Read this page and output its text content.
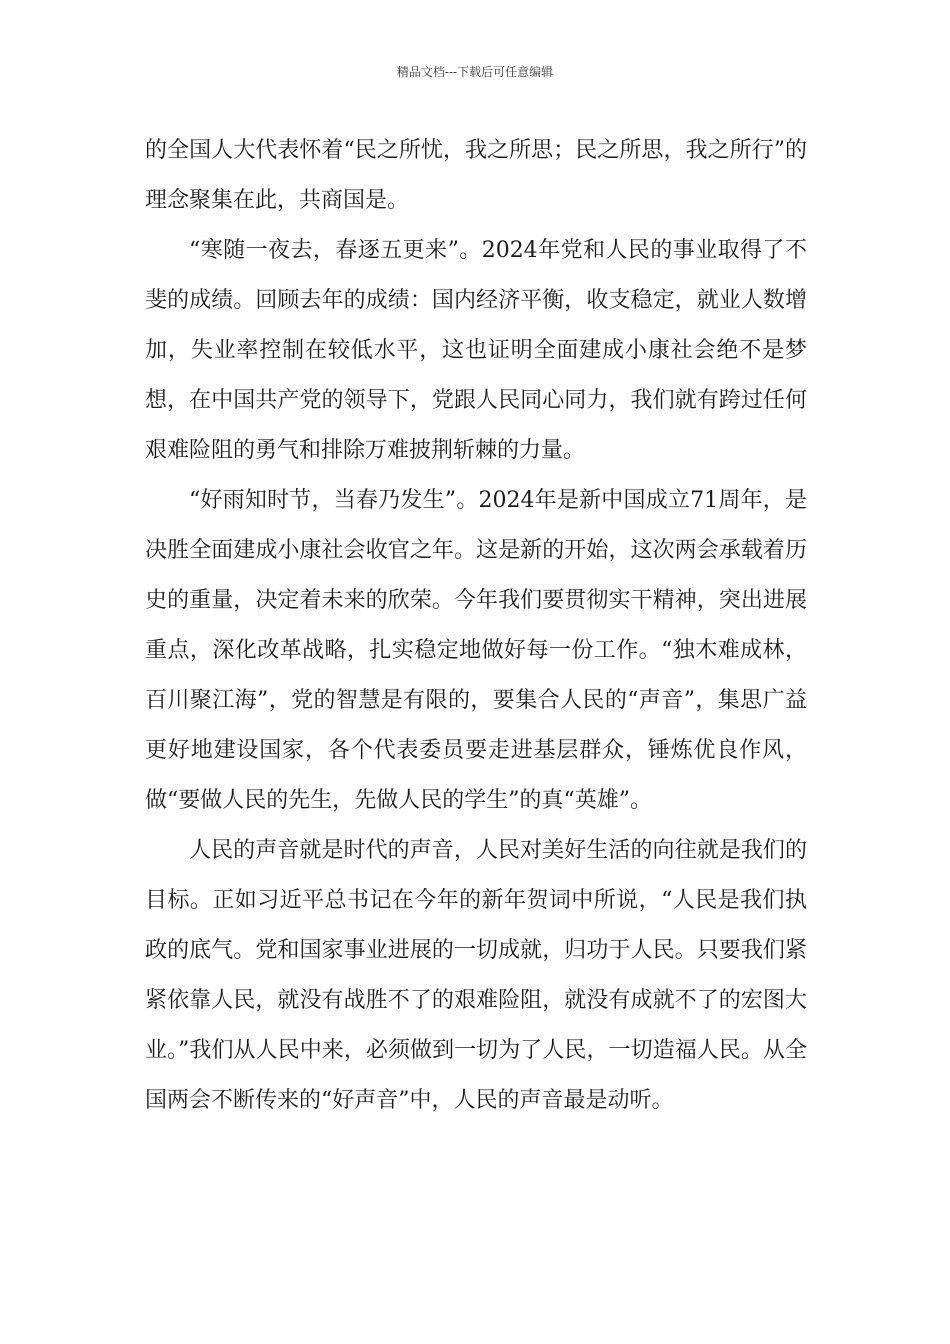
精品文档---下载后可任意编辑

的全国人大代表怀着“民之所忧，我之所思；民之所思，我之所行”的理念聚集在此，共商国是。

“寒随一夜去，春逐五更来”。2024年党和人民的事业取得了不斐的成绩。回顾去年的成绩：国内经济平衡，收支稳定，就业人数增加，失业率控制在较低水平，这也证明全面建成小康社会绝不是梦想，在中国共产党的领导下，党跟人民同心同力，我们就有跨过任何艰难险阻的勇气和排除万难披荆斩棘的力量。

“好雨知时节，当春乃发生”。2024年是新中国成立71周年，是决胜全面建成小康社会收官之年。这是新的开始，这次两会承载着历史的重量，决定着未来的欣荣。今年我们要贯彻实干精神，突出进展重点，深化改革战略，扎实稳定地做好每一份工作。“独木难成林，百川聚江海”，党的智慧是有限的，要集合人民的“声音”，集思广益更好地建设国家，各个代表委员要走进基层群众，锤炼优良作风，做“要做人民的先生，先做人民的学生”的真“英雄”。

人民的声音就是时代的声音，人民对美好生活的向往就是我们的目标。正如习近平总书记在今年的新年贺词中所说，“人民是我们执政的底气。党和国家事业进展的一切成就，归功于人民。只要我们紧紧依靠人民，就没有战胜不了的艰难险阻，就没有成就不了的宏图大业。”我们从人民中来，必须做到一切为了人民，一切造福人民。从全国两会不断传来的“好声音”中，人民的声音最是动听。
